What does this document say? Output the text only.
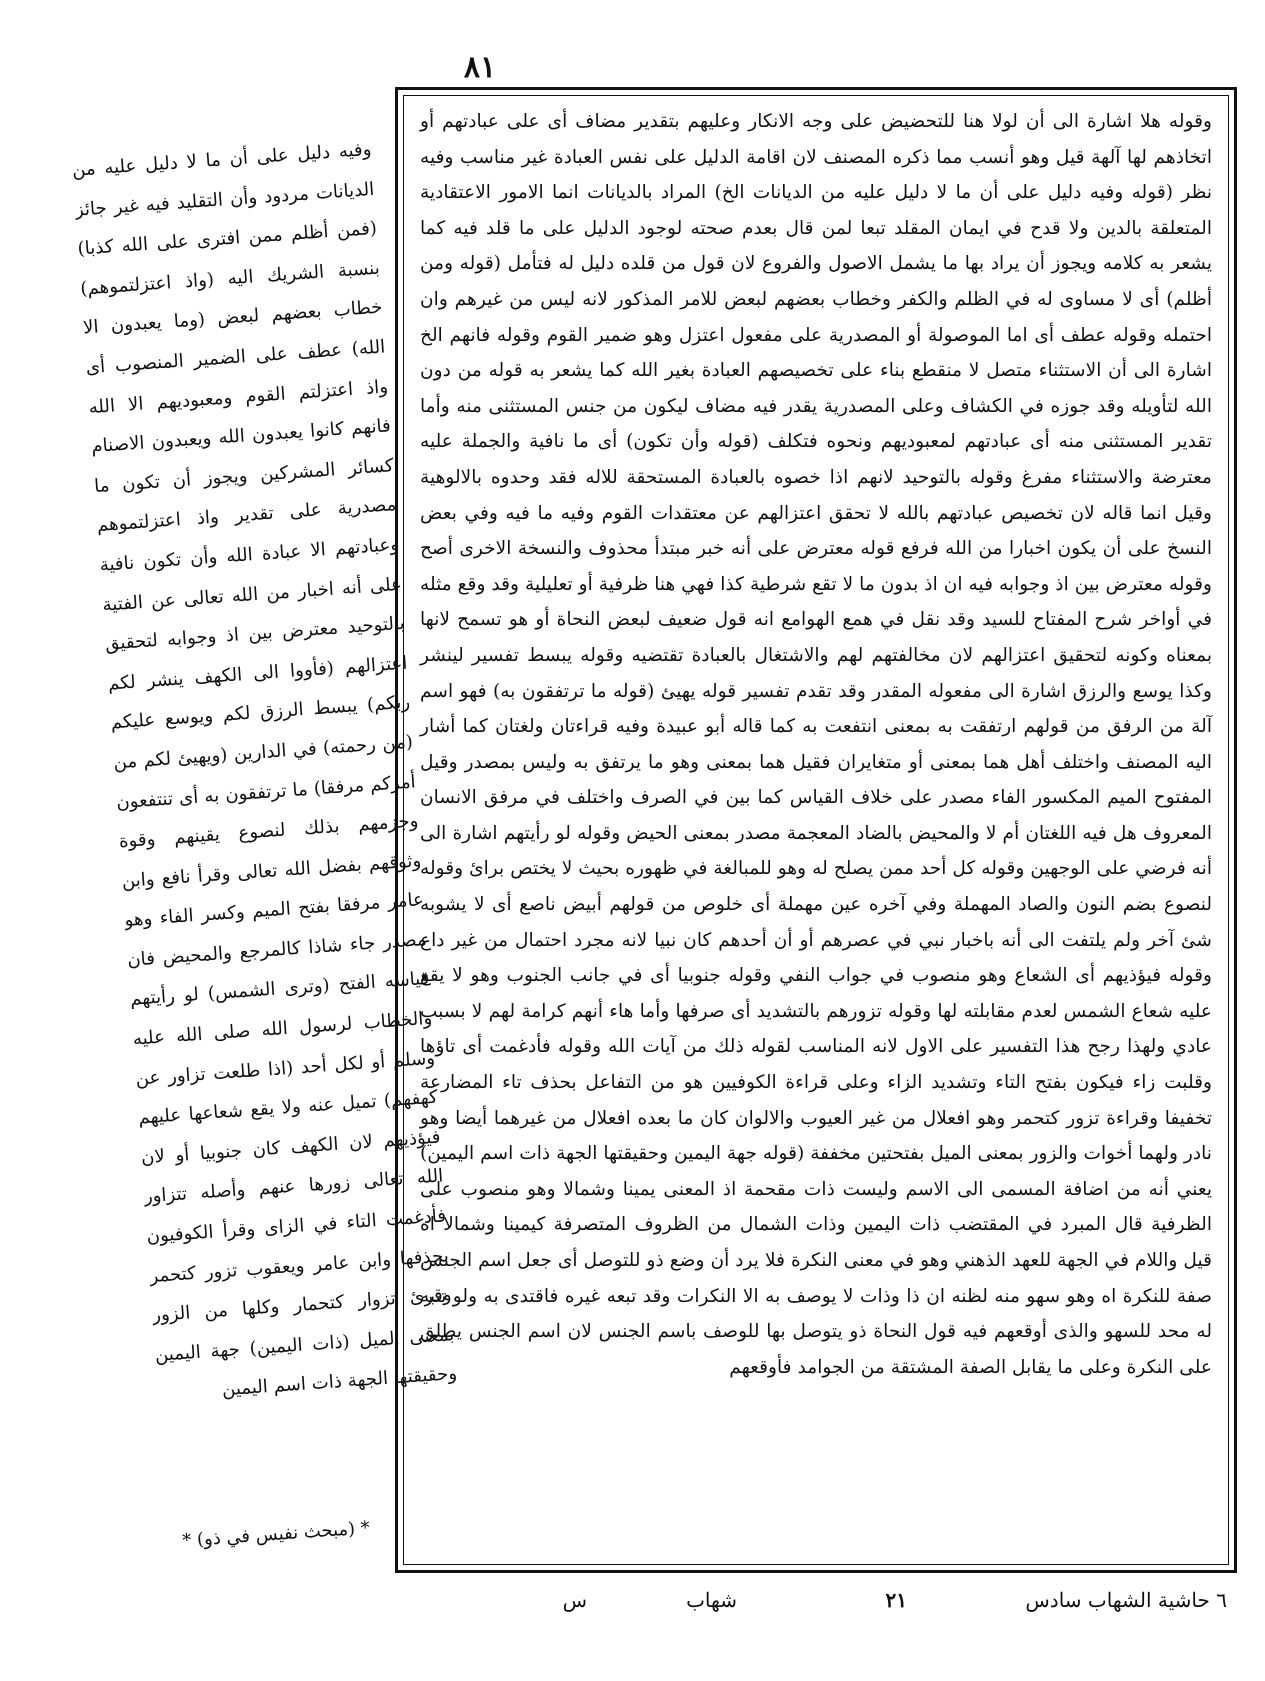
٨١

وفيه دليل على أن ما لا دليل عليه من الديانات مردود وأن التقليد فيه غير جائز (فمن أظلم ممن افترى على الله كذبا) بنسبة الشريك اليه (واذ اعتزلتموهم) خطاب بعضهم لبعض (وما يعبدون الا الله) عطف على الضمير المنصوب أى واذ اعتزلتم القوم ومعبوديهم الا الله فانهم كانوا يعبدون الله ويعبدون الاصنام كسائر المشركين ويجوز أن تكون ما مصدرية على تقدير واذ اعتزلتموهم وعبادتهم الا عبادة الله وأن تكون نافية على أنه اخبار من الله تعالى عن الفتية بالتوحيد معترض بين اذ وجوابه لتحقيق اعتزالهم (فأووا الى الكهف ينشر لكم ربكم) يبسط الرزق لكم ويوسع عليكم (من رحمته) في الدارين (ويهيئ لكم من أمركم مرفقا) ما ترتفقون به أى تنتفعون وجزمهم بذلك لنصوع يقينهم وقوة وثوقهم بفضل الله تعالى وقرأ نافع وابن عامر مرفقا بفتح الميم وكسر الفاء وهو مصدر جاء شاذا كالمرجع والمحيض فان قياسه الفتح (وترى الشمس) لو رأيتهم والخطاب لرسول الله صلى الله عليه وسلم أو لكل أحد (اذا طلعت تزاور عن كهفهم) تميل عنه ولا يقع شعاعها عليهم فيؤذيهم لان الكهف كان جنوبيا أو لان الله تعالى زورها عنهم وأصله تتزاور فأدغمت التاء في الزاى وقرأ الكوفيون بحذفها وابن عامر ويعقوب تزور كتحمر وقرئ تزوار كتحمار وكلها من الزور بمعنى الميل (ذات اليمين) جهة اليمين وحقيقتها الجهة ذات اسم اليمين

* (مبحث نفيس في ذو) *

وقوله هلا اشارة الى أن لولا هنا للتحضيض على وجه الانكار وعليهم بتقدير مضاف أى على عبادتهم أو اتخاذهم لها آلهة قيل وهو أنسب مما ذكره المصنف لان اقامة الدليل على نفس العبادة غير مناسب وفيه نظر (قوله وفيه دليل على أن ما لا دليل عليه من الديانات الخ) المراد بالديانات انما الامور الاعتقادية المتعلقة بالدين ولا قدح في ايمان المقلد تبعا لمن قال بعدم صحته لوجود الدليل على ما قلد فيه كما يشعر به كلامه ويجوز أن يراد بها ما يشمل الاصول والفروع لان قول من قلده دليل له فتأمل (قوله ومن أظلم) أى لا مساوى له في الظلم والكفر وخطاب بعضهم لبعض للامر المذكور لانه ليس من غيرهم وان احتمله وقوله عطف أى اما الموصولة أو المصدرية على مفعول اعتزل وهو ضمير القوم وقوله فانهم الخ اشارة الى أن الاستثناء متصل لا منقطع بناء على تخصيصهم العبادة بغير الله كما يشعر به قوله من دون الله لتأويله وقد جوزه في الكشاف وعلى المصدرية يقدر فيه مضاف ليكون من جنس المستثنى منه وأما تقدير المستثنى منه أى عبادتهم لمعبوديهم ونحوه فتكلف (قوله وأن تكون) أى ما نافية والجملة عليه معترضة والاستثناء مفرغ وقوله بالتوحيد لانهم اذا خصوه بالعبادة المستحقة للاله فقد وحدوه بالالوهية وقيل انما قاله لان تخصيص عبادتهم بالله لا تحقق اعتزالهم عن معتقدات القوم وفيه ما فيه وفي بعض النسخ على أن يكون اخبارا من الله فرفع قوله معترض على أنه خبر مبتدأ محذوف والنسخة الاخرى أصح وقوله معترض بين اذ وجوابه فيه ان اذ بدون ما لا تقع شرطية كذا فهي هنا ظرفية أو تعليلية وقد وقع مثله في أواخر شرح المفتاح للسيد وقد نقل في همع الهوامع انه قول ضعيف لبعض النحاة أو هو تسمح لانها بمعناه وكونه لتحقيق اعتزالهم لان مخالفتهم لهم والاشتغال بالعبادة تقتضيه وقوله يبسط تفسير لينشر وكذا يوسع والرزق اشارة الى مفعوله المقدر وقد تقدم تفسير قوله يهيئ (قوله ما ترتفقون به) فهو اسم آلة من الرفق من قولهم ارتفقت به بمعنى انتفعت به كما قاله أبو عبيدة وفيه قراءتان ولغتان كما أشار اليه المصنف واختلف أهل هما بمعنى أو متغايران فقيل هما بمعنى وهو ما يرتفق به وليس بمصدر وقيل المفتوح الميم المكسور الفاء مصدر على خلاف القياس كما بين في الصرف واختلف في مرفق الانسان المعروف هل فيه اللغتان أم لا والمحيض بالضاد المعجمة مصدر بمعنى الحيض وقوله لو رأيتهم اشارة الى أنه فرضي على الوجهين وقوله كل أحد ممن يصلح له وهو للمبالغة في ظهوره بحيث لا يختص برائ وقوله لنصوع بضم النون والصاد المهملة وفي آخره عين مهملة أى خلوص من قولهم أبيض ناصع أى لا يشوبه شئ آخر ولم يلتفت الى أنه باخبار نبي في عصرهم أو أن أحدهم كان نبيا لانه مجرد احتمال من غير داع وقوله فيؤذيهم أى الشعاع وهو منصوب في جواب النفي وقوله جنوبيا أى في جانب الجنوب وهو لا يقع عليه شعاع الشمس لعدم مقابلته لها وقوله تزورهم بالتشديد أى صرفها وأما هاء أنهم كرامة لهم لا بسبب عادي ولهذا رجح هذا التفسير على الاول لانه المناسب لقوله ذلك من آيات الله وقوله فأدغمت أى تاؤها وقلبت زاء فيكون بفتح التاء وتشديد الزاء وعلى قراءة الكوفيين هو من التفاعل بحذف تاء المضارعة تخفيفا وقراءة تزور كتحمر وهو افعلال من غير العيوب والالوان كان ما بعده افعلال من غيرهما أيضا وهو نادر ولهما أخوات والزور بمعنى الميل بفتحتين مخففة (قوله جهة اليمين وحقيقتها الجهة ذات اسم اليمين) يعني أنه من اضافة المسمى الى الاسم وليست ذات مقحمة اذ المعنى يمينا وشمالا وهو منصوب على الظرفية قال المبرد في المقتضب ذات اليمين وذات الشمال من الظروف المتصرفة كيمينا وشمالا اه قيل واللام في الجهة للعهد الذهني وهو في معنى النكرة فلا يرد أن وضع ذو للتوصل أى جعل اسم الجنس صفة للنكرة اه وهو سهو منه لظنه ان ذا وذات لا يوصف به الا النكرات وقد تبعه غيره فاقتدى به ولو تنبه له محد للسهو والذى أوقعهم فيه قول النحاة ذو يتوصل بها للوصف باسم الجنس لان اسم الجنس يطلق على النكرة وعلى ما يقابل الصفة المشتقة من الجوامد فأوقعهم

٦ حاشية الشهاب سادس
٢١
شهاب
س
